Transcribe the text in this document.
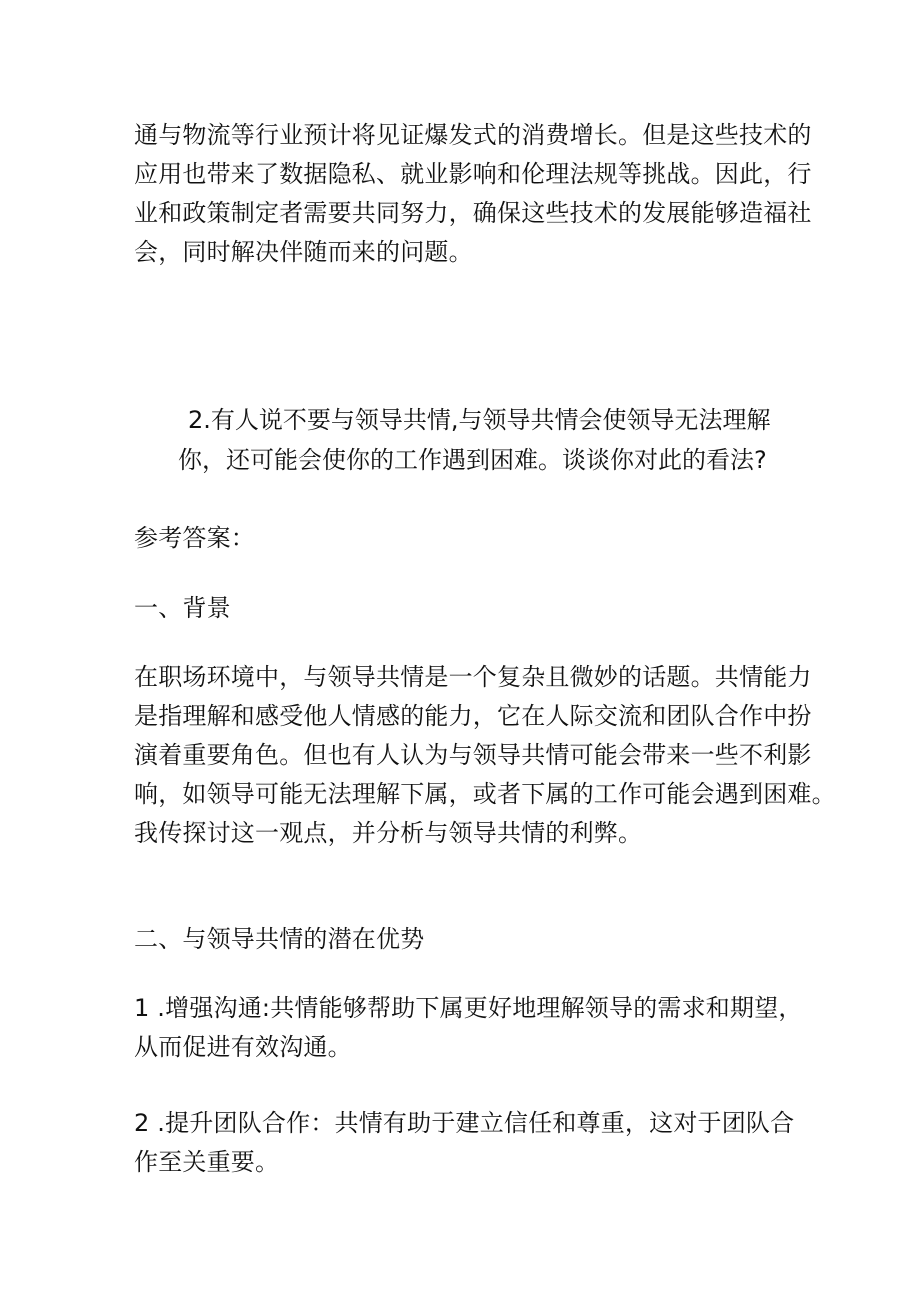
通与物流等行业预计将见证爆发式的消费增长。但是这些技术的
应用也带来了数据隐私、就业影响和伦理法规等挑战。因此，行
业和政策制定者需要共同努力，确保这些技术的发展能够造福社
会，同时解决伴随而来的问题。

2.有人说不要与领导共情,与领导共情会使领导无法理解
你，还可能会使你的工作遇到困难。谈谈你对此的看法?

参考答案：

一、背景

在职场环境中，与领导共情是一个复杂且微妙的话题。共情能力
是指理解和感受他人情感的能力，它在人际交流和团队合作中扮
演着重要角色。但也有人认为与领导共情可能会带来一些不利影
响，如领导可能无法理解下属，或者下属的工作可能会遇到困难。
我传探讨这一观点，并分析与领导共情的利弊。

二、与领导共情的潜在优势

1 .增强沟通:共情能够帮助下属更好地理解领导的需求和期望，
从而促进有效沟通。

2 .提升团队合作：共情有助于建立信任和尊重，这对于团队合
作至关重要。
